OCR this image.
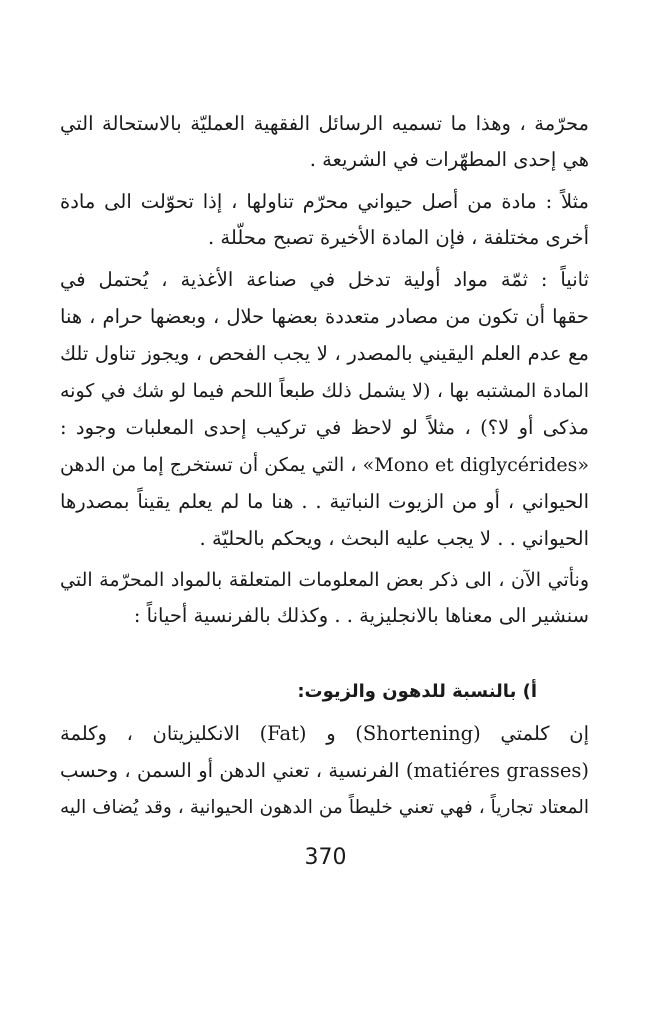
محرّمة ، وهذا ما تسميه الرسائل الفقهية العمليّة بالاستحالة التي
هي إحدى المطهّرات في الشريعة .
مثلاً : مادة من أصل حيواني محرّم تناولها ، إذا تحوّلت الى مادة
أخرى مختلفة ، فإن المادة الأخيرة تصبح محلّلة .
ثانياً : ثمّة مواد أولية تدخل في صناعة الأغذية ، يُحتمل في
حقها أن تكون من مصادر متعددة بعضها حلال ، وبعضها حرام ، هنا
مع عدم العلم اليقيني بالمصدر ، لا يجب الفحص ، ويجوز تناول تلك
المادة المشتبه بها ، (لا يشمل ذلك طبعاً اللحم فيما لو شك في كونه
مذكى أو لا؟) ، مثلاً لو لاحظ في تركيب إحدى المعلبات وجود :
«Mono et diglycérides» ، التي يمكن أن تستخرج إما من الدهن
الحيواني ، أو من الزيوت النباتية . . هنا ما لم يعلم يقيناً بمصدرها
الحيواني . . لا يجب عليه البحث ، ويحكم بالحليّة .
ونأتي الآن ، الى ذكر بعض المعلومات المتعلقة بالمواد المحرّمة التي
سنشير الى معناها بالانجليزية . . وكذلك بالفرنسية أحياناً :
أ) بالنسبة للدهون والزيوت:
إن كلمتي (Shortening) و (Fat) الانكليزيتان ، وكلمة
(matiéres grasses) الفرنسية ، تعني الدهن أو السمن ، وحسب
المعتاد تجارياً ، فهي تعني خليطاً من الدهون الحيوانية ، وقد يُضاف اليه
370
